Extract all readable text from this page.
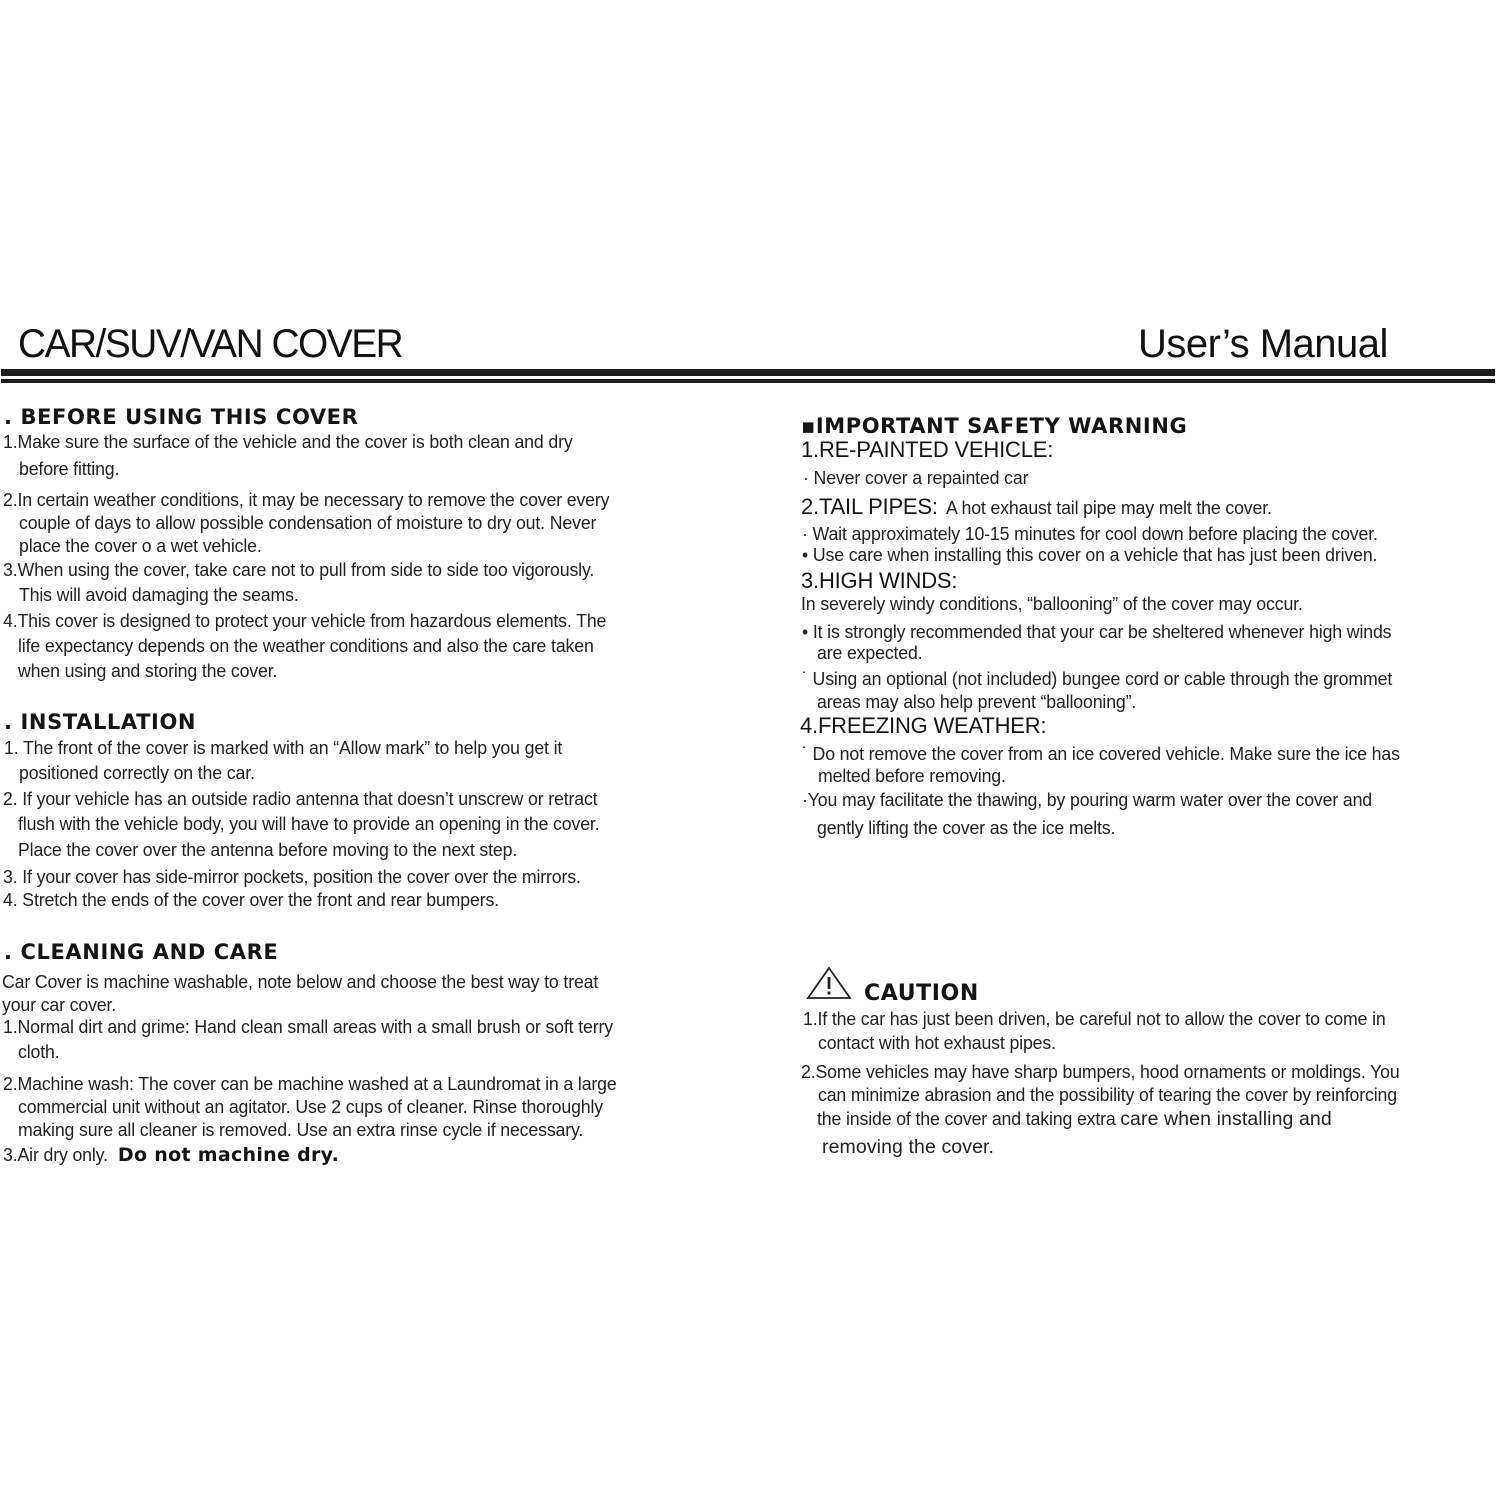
CAR/SUV/VAN COVER	User’s Manual
. BEFORE USING THIS COVER
1.Make sure the surface of the vehicle and the cover is both clean and dry
before fitting.
2.In certain weather conditions, it may be necessary to remove the cover every
couple of days to allow possible condensation of moisture to dry out. Never
place the cover o a wet vehicle.
3.When using the cover, take care not to pull from side to side too vigorously.
This will avoid damaging the seams.
4.This cover is designed to protect your vehicle from hazardous elements. The
life expectancy depends on the weather conditions and also the care taken
when using and storing the cover.
. INSTALLATION
1. The front of the cover is marked with an “Allow mark” to help you get it
positioned correctly on the car.
2. If your vehicle has an outside radio antenna that doesn’t unscrew or retract
flush with the vehicle body, you will have to provide an opening in the cover.
Place the cover over the antenna before moving to the next step.
3. If your cover has side-mirror pockets, position the cover over the mirrors.
4. Stretch the ends of the cover over the front and rear bumpers.
. CLEANING AND CARE
Car Cover is machine washable, note below and choose the best way to treat
your car cover.
1.Normal dirt and grime: Hand clean small areas with a small brush or soft terry
cloth.
2.Machine wash: The cover can be machine washed at a Laundromat in a large
commercial unit without an agitator. Use 2 cups of cleaner. Rinse thoroughly
making sure all cleaner is removed. Use an extra rinse cycle if necessary.
3.Air dry only. Do not machine dry.
▪IMPORTANT SAFETY WARNING
1.RE-PAINTED VEHICLE:
· Never cover a repainted car
2.TAIL PIPES: A hot exhaust tail pipe may melt the cover.
· Wait approximately 10-15 minutes for cool down before placing the cover.
• Use care when installing this cover on a vehicle that has just been driven.
3.HIGH WINDS:
In severely windy conditions, “ballooning” of the cover may occur.
• It is strongly recommended that your car be sheltered whenever high winds
are expected.
˙ Using an optional (not included) bungee cord or cable through the grommet
areas may also help prevent “ballooning”.
4.FREEZING WEATHER:
˙ Do not remove the cover from an ice covered vehicle. Make sure the ice has
melted before removing.
·You may facilitate the thawing, by pouring warm water over the cover and
gently lifting the cover as the ice melts.
CAUTION
1.If the car has just been driven, be careful not to allow the cover to come in
contact with hot exhaust pipes.
2.Some vehicles may have sharp bumpers, hood ornaments or moldings. You
can minimize abrasion and the possibility of tearing the cover by reinforcing
the inside of the cover and taking extracare when installing and
removing the cover.
